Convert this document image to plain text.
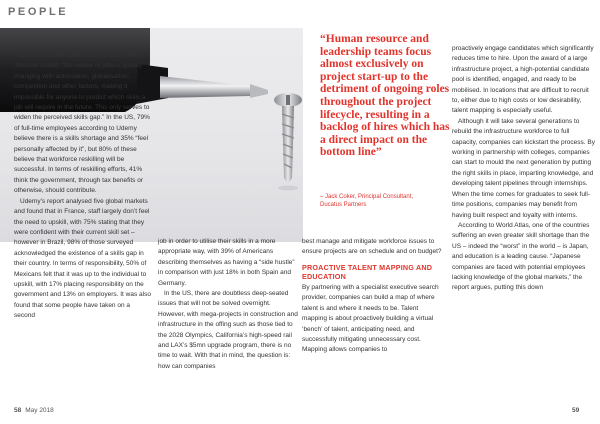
PEOPLE
“Human resource and leadership teams focus almost exclusively on project start-up to the detriment of ongoing roles throughout the project lifecycle, resulting in a backlog of hires which has a direct impact on the bottom line”
– Jack Coker, Principal Consultant,
Ducatus Partners

On a worldwide scale, Udemy CEO Kevin Johnson stated: “the nature of jobs is quickly changing with automation, globalisation, competition and other factors, making it impossible for anyone to predict which skills a job will require in the future. This only serves to widen the perceived skills gap.” In the US, 79% of full-time employees according to Udemy believe there is a skills shortage and 35% “feel personally affected by it”, but 80% of these believe that workforce reskilling will be successful. In terms of reskilling efforts, 41% think the government, through tax benefits or otherwise, should contribute.

Udemy’s report analysed five global markets and found that in France, staff largely don’t feel the need to upskill, with 75% stating that they were confident with their current skill set – however in Brazil, 98% of those surveyed acknowledged the existence of a skills gap in their country. In terms of responsibility, 50% of Mexicans felt that it was up to the individual to upskill, with 17% placing responsibility on the government and 13% on employers. It was also found that some people have taken on a second

job in order to utilise their skills in a more appropriate way, with 39% of Americans describing themselves as having a “side hustle” in comparison with just 18% in both Spain and Germany.

In the US, there are doubtless deep-seated issues that will not be solved overnight. However, with mega-projects in construction and infrastructure in the offing such as those tied to the 2028 Olympics, California’s high-speed rail and LAX’s $5mn upgrade program, there is no time to wait. With that in mind, the question is: how can companies

best manage and mitigate workforce issues to ensure projects are on schedule and on budget?

PROACTIVE TALENT MAPPING AND EDUCATION

By partnering with a specialist executive search provider, companies can build a map of where talent is and where it needs to be. Talent mapping is about proactively building a virtual ‘bench’ of talent, anticipating need, and successfully mitigating unnecessary cost. Mapping allows companies to

proactively engage candidates which significantly reduces time to hire. Upon the award of a large infrastructure project, a high-potential candidate pool is identified, engaged, and ready to be mobilised. In locations that are difficult to recruit to, either due to high costs or low desirability, talent mapping is especially useful.

Although it will take several generations to rebuild the infrastructure workforce to full capacity, companies can kickstart the process. By working in partnership with colleges, companies can start to mould the next generation by putting the right skills in place, imparting knowledge, and developing talent pipelines through internships. When the time comes for graduates to seek full-time positions, companies may benefit from having built respect and loyalty with interns.

According to World Atlas, one of the countries suffering an even greater skill shortage than the US – indeed the “worst” in the world – is Japan, and education is a leading cause. “Japanese companies are faced with potential employees lacking knowledge of the global markets,” the report argues, putting this down

58 May 2018	59
